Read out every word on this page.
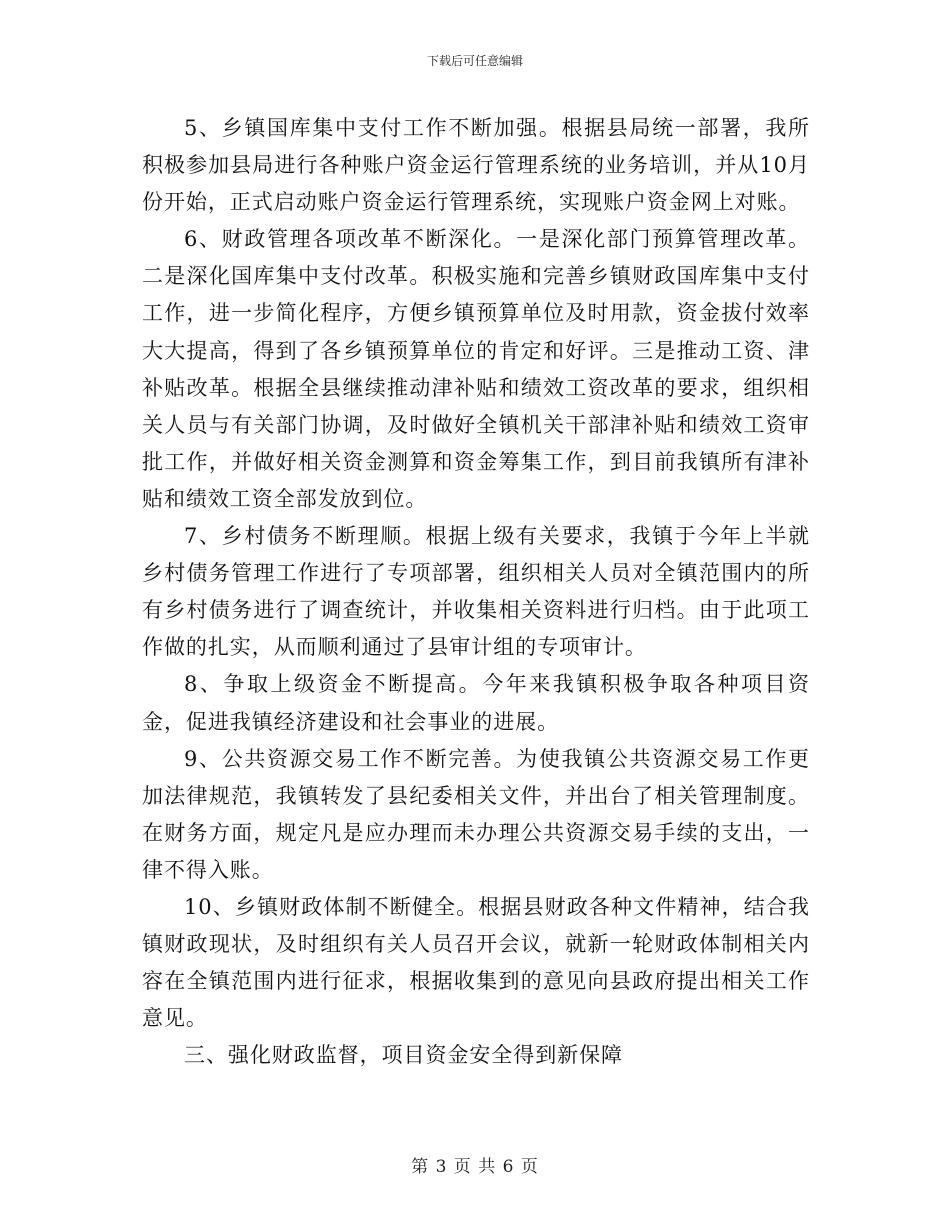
下载后可任意编辑

5、乡镇国库集中支付工作不断加强。根据县局统一部署，我所积极参加县局进行各种账户资金运行管理系统的业务培训，并从10月份开始，正式启动账户资金运行管理系统，实现账户资金网上对账。

6、财政管理各项改革不断深化。一是深化部门预算管理改革。二是深化国库集中支付改革。积极实施和完善乡镇财政国库集中支付工作，进一步简化程序，方便乡镇预算单位及时用款，资金拔付效率大大提高，得到了各乡镇预算单位的肯定和好评。三是推动工资、津补贴改革。根据全县继续推动津补贴和绩效工资改革的要求，组织相关人员与有关部门协调，及时做好全镇机关干部津补贴和绩效工资审批工作，并做好相关资金测算和资金筹集工作，到目前我镇所有津补贴和绩效工资全部发放到位。

7、乡村债务不断理顺。根据上级有关要求，我镇于今年上半就乡村债务管理工作进行了专项部署，组织相关人员对全镇范围内的所有乡村债务进行了调查统计，并收集相关资料进行归档。由于此项工作做的扎实，从而顺利通过了县审计组的专项审计。

8、争取上级资金不断提高。今年来我镇积极争取各种项目资金，促进我镇经济建设和社会事业的进展。

9、公共资源交易工作不断完善。为使我镇公共资源交易工作更加法律规范，我镇转发了县纪委相关文件，并出台了相关管理制度。在财务方面，规定凡是应办理而未办理公共资源交易手续的支出，一律不得入账。

10、乡镇财政体制不断健全。根据县财政各种文件精神，结合我镇财政现状，及时组织有关人员召开会议，就新一轮财政体制相关内容在全镇范围内进行征求，根据收集到的意见向县政府提出相关工作意见。

三、强化财政监督，项目资金安全得到新保障

第 3 页 共 6 页
